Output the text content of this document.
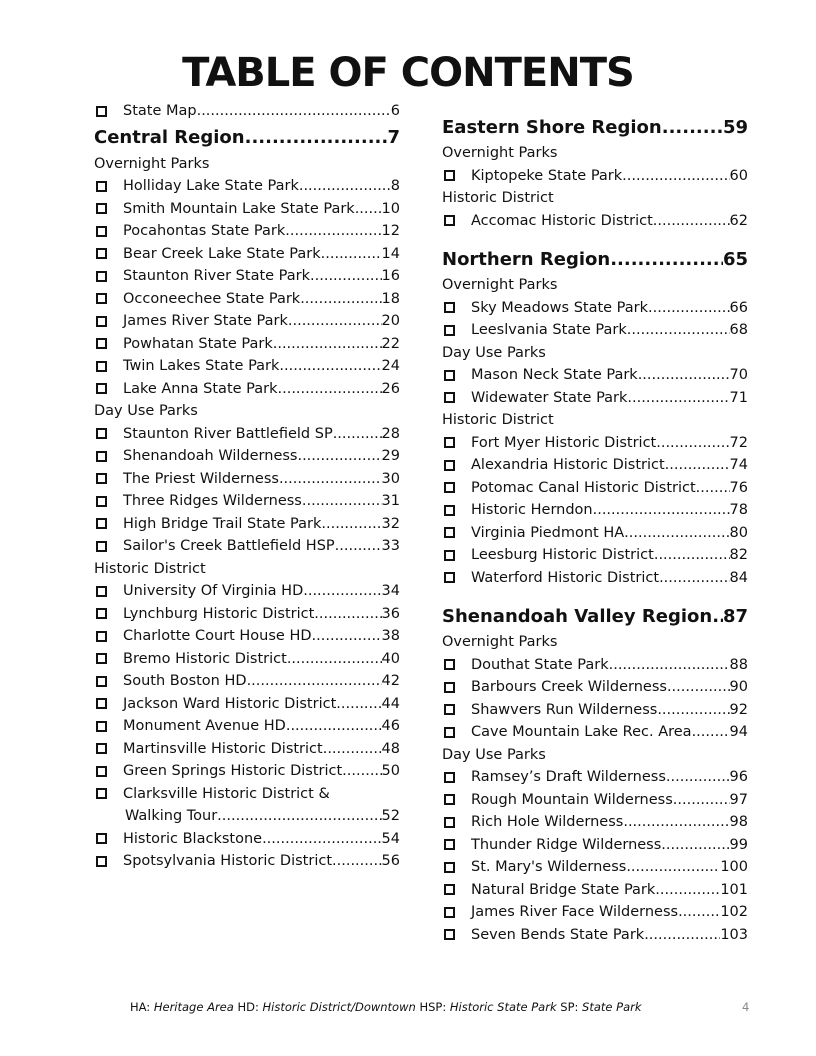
TABLE OF CONTENTS
State Map .....	6
Central Region .....	7
Overnight Parks
Holliday Lake State Park .....	8
Smith Mountain Lake State Park ..... 10
Pocahontas State Park .....	12
Bear Creek Lake State Park .....	14
Staunton River State Park .....	16
Occoneechee State Park .....	18
James River State Park .....	20
Powhatan State Park .....	22
Twin Lakes State Park .....	24
Lake Anna State Park .....	26
Day Use Parks
Staunton River Battlefield SP .....	28
Shenandoah Wilderness .....	29
The Priest Wilderness .....	30
Three Ridges Wilderness .....	31
High Bridge Trail State Park .....	32
Sailor's Creek Battlefield HSP .....	33
Historic District
University Of Virginia HD .....	34
Lynchburg Historic District .....	36
Charlotte Court House HD .....	38
Bremo Historic District .....	40
South Boston HD .....	42
Jackson Ward Historic District .....	44
Monument Avenue HD .....	46
Martinsville Historic District .....	48
Green Springs Historic District .....	50
Clarksville Historic District &
Walking Tour .....	52
Historic Blackstone .....	54
Spotsylvania Historic District .....	56
Eastern Shore Region .....	59
Overnight Parks
Kiptopeke State Park .....	60
Historic District
Accomac Historic District .....	62
Northern Region .....	65
Overnight Parks
Sky Meadows State Park .....	66
Leeslvania State Park .....	68
Day Use Parks
Mason Neck State Park .....	70
Widewater State Park .....	71
Historic District
Fort Myer Historic District .....	72
Alexandria Historic District .....	74
Potomac Canal Historic District ..... 76
Historic Herndon .....	78
Virginia Piedmont HA .....	80
Leesburg Historic District .....	82
Waterford Historic District .....	84
Shenandoah Valley Region ..... 87
Overnight Parks
Douthat State Park .....	88
Barbours Creek Wilderness .....	90
Shawvers Run Wilderness .....	92
Cave Mountain Lake Rec. Area .....	94
Day Use Parks
Ramsey’s Draft Wilderness .....	96
Rough Mountain Wilderness .....	97
Rich Hole Wilderness .....	98
Thunder Ridge Wilderness .....	99
St. Mary's Wilderness .....	100
Natural Bridge State Park .....	101
James River Face Wilderness .....	102
Seven Bends State Park .....	103
HA: Heritage Area HD: Historic District/Downtown HSP: Historic State Park SP: State Park	4
